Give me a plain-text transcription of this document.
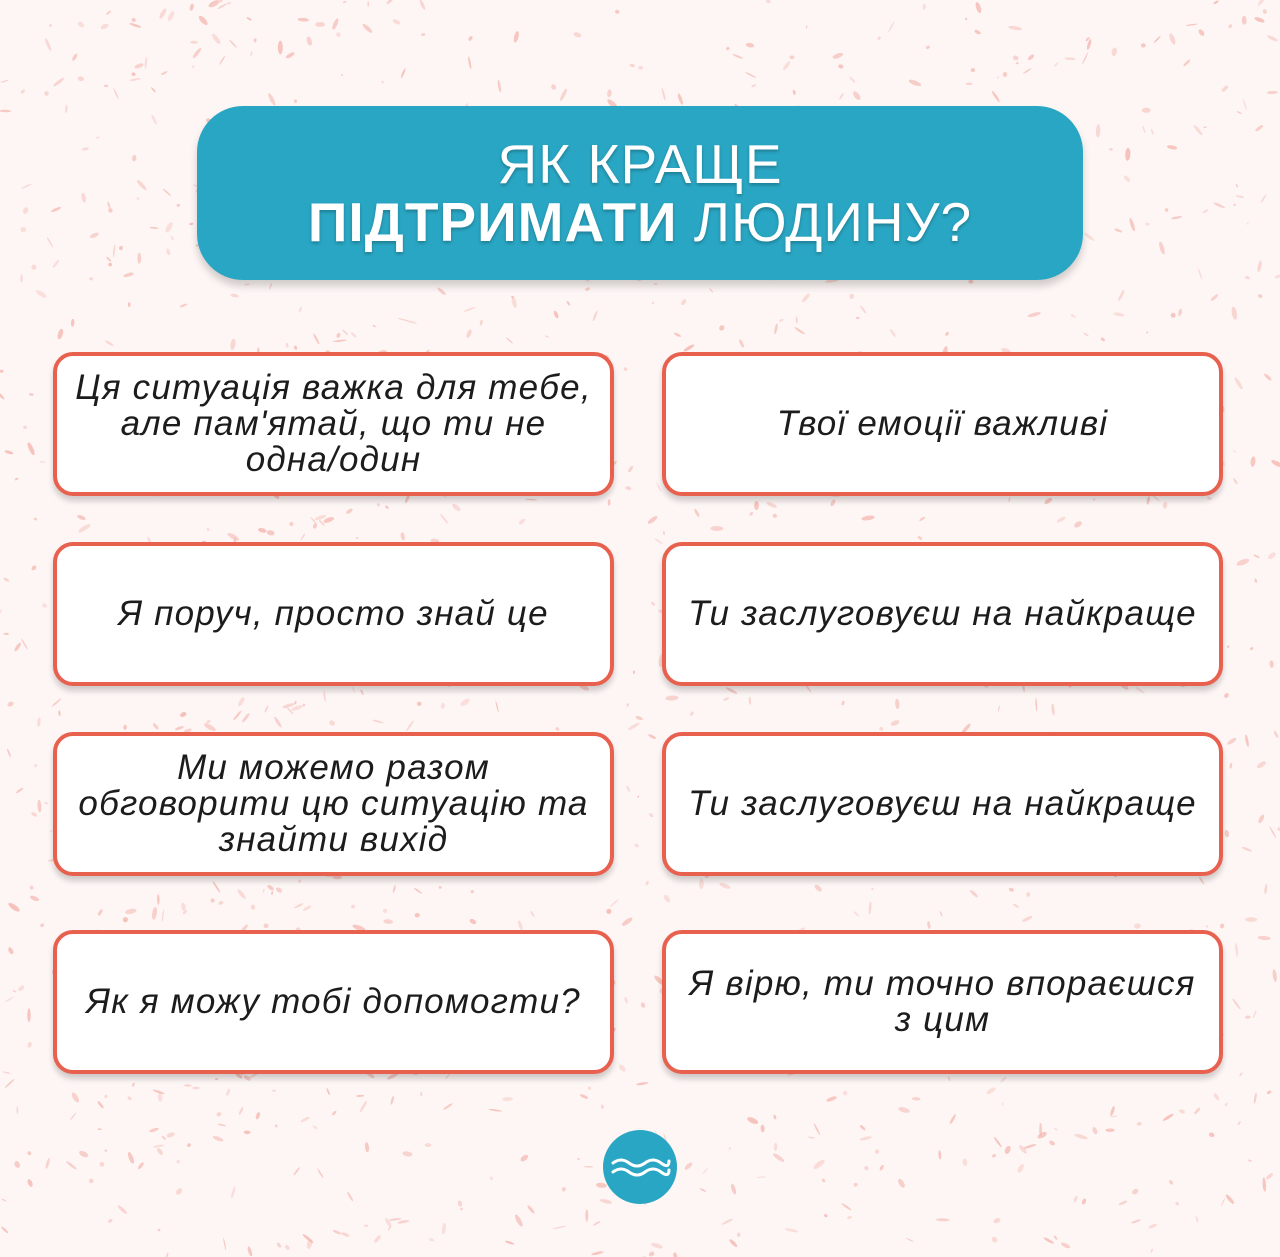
ЯК КРАЩЕ
ПІДТРИМАТИ ЛЮДИНУ?
Ця ситуація важка для тебе, але пам'ятай, що ти не одна/один
Твої емоції важливі
Я поруч, просто знай це	Ти заслуговуєш на найкраще
Ми можемо разом обговорити цю ситуацію та знайти вихід
Ти заслуговуєш на найкраще
Як я можу тобі допомогти?	Я вірю, ти точно впораєшся з цим
